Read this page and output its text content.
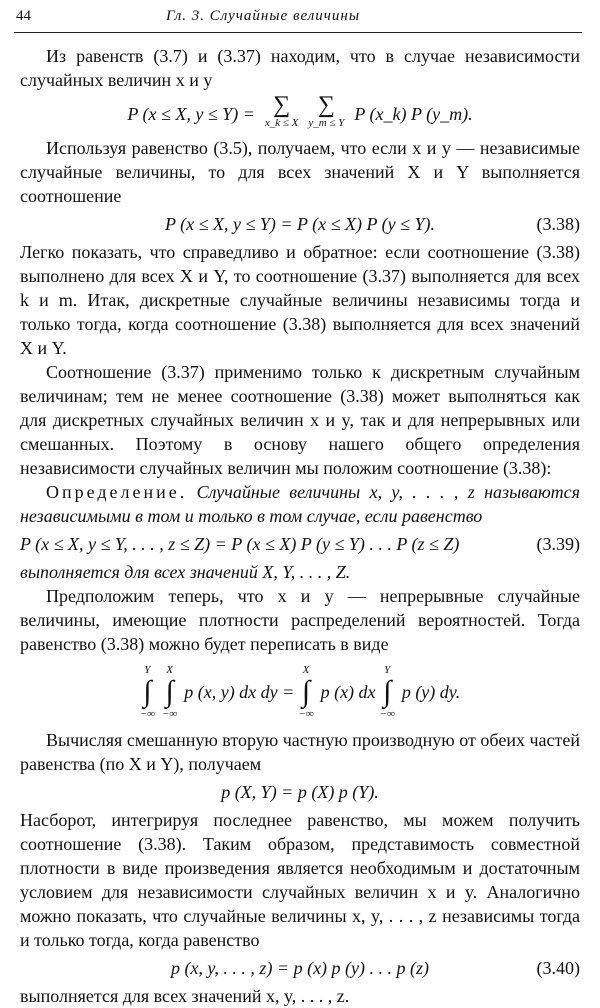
44	Гл. 3. Случайные величины

Из равенств (3.7) и (3.37) находим, что в случае независимости случайных величин x и y

P (x ≤ X, y ≤ Y) = ∑
x_k ≤ X
∑
y_m ≤ Y P (x_k) P (y_m).

Используя равенство (3.5), получаем, что если x и y — независимые случайные величины, то для всех значений X и Y выполняется соотношение

P (x ≤ X, y ≤ Y) = P (x ≤ X) P (y ≤ Y).	(3.38)

Легко показать, что справедливо и обратное: если соотношение (3.38) выполнено для всех X и Y, то соотношение (3.37) выполняется для всех k и m. Итак, дискретные случайные величины независимы тогда и только тогда, когда соотношение (3.38) выполняется для всех значений X и Y.

Соотношение (3.37) применимо только к дискретным случайным величинам; тем не менее соотношение (3.38) может выполняться как для дискретных случайных величин x и y, так и для непрерывных или смешанных. Поэтому в основу нашего общего определения независимости случайных величин мы положим соотношение (3.38):

Определение. Случайные величины x, y, . . . , z называются независимыми в том и только в том случае, если равенство

P (x ≤ X, y ≤ Y, . . . , z ≤ Z) = P (x ≤ X) P (y ≤ Y) . . . P (z ≤ Z)	(3.39)

выполняется для всех значений X, Y, . . . , Z.

Предположим теперь, что x и y — непрерывные случайные величины, имеющие плотности распределений вероятностей. Тогда равенство (3.38) можно будет переписать в виде

Y
∫
−∞
X
∫
−∞
p (x, y) dx dy =
X
∫
−∞
p (x) dx
Y
∫
−∞
p (y) dy.

Вычисляя смешанную вторую частную производную от обеих частей равенства (по X и Y), получаем

p (X, Y) = p (X) p (Y).

Насборот, интегрируя последнее равенство, мы можем получить соотношение (3.38). Таким образом, представимость совместной плотности в виде произведения является необходимым и достаточным условием для независимости случайных величин x и y. Аналогично можно показать, что случайные величины x, y, . . . , z независимы тогда и только тогда, когда равенство

p (x, y, . . . , z) = p (x) p (y) . . . p (z)	(3.40)

выполняется для всех значений x, y, . . . , z.
